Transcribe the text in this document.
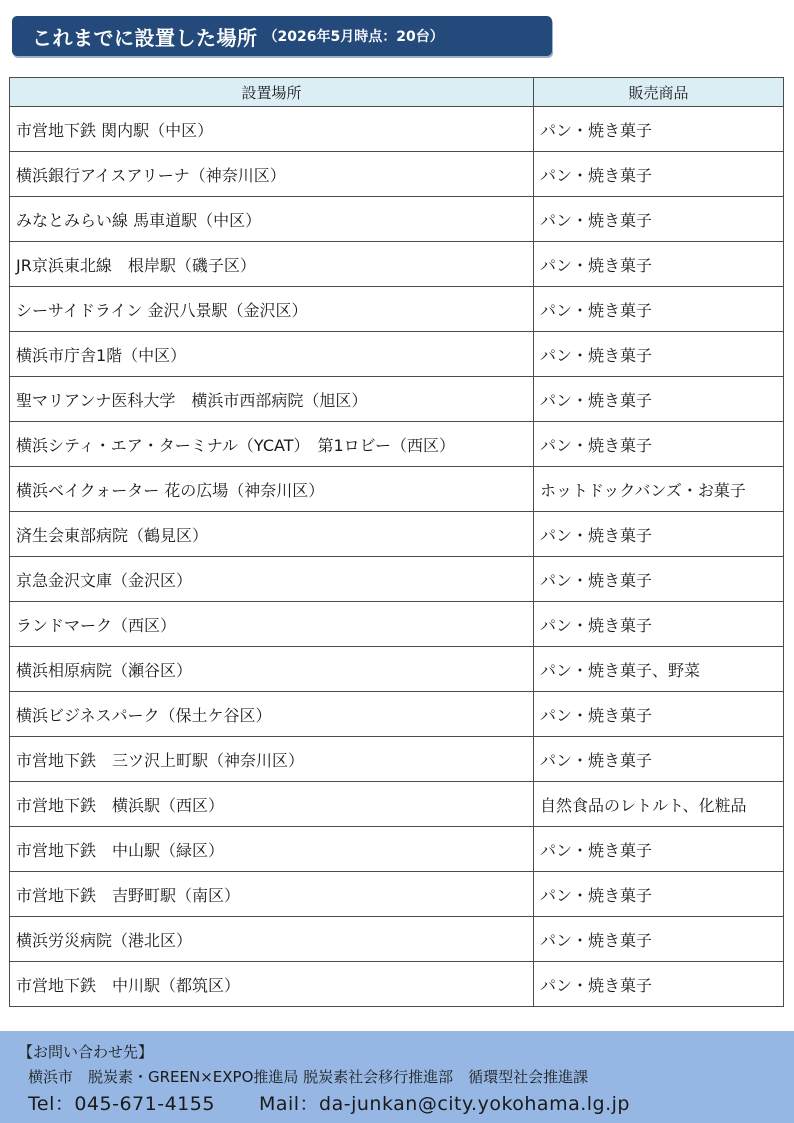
これまでに設置した場所 （2026年5月時点：20台）
設置場所	販売商品
市営地下鉄 関内駅（中区）	パン・焼き菓子
横浜銀行アイスアリーナ（神奈川区）	パン・焼き菓子
みなとみらい線 馬車道駅（中区）	パン・焼き菓子
JR京浜東北線　根岸駅（磯子区）	パン・焼き菓子
シーサイドライン 金沢八景駅（金沢区）	パン・焼き菓子
横浜市庁舎1階（中区）	パン・焼き菓子
聖マリアンナ医科大学　横浜市西部病院（旭区）	パン・焼き菓子
横浜シティ・エア・ターミナル（YCAT）　第1ロビー（西区）	パン・焼き菓子
横浜ベイクォーター 花の広場（神奈川区）	ホットドックバンズ・お菓子
済生会東部病院（鶴見区）	パン・焼き菓子
京急金沢文庫（金沢区）	パン・焼き菓子
ランドマーク（西区）	パン・焼き菓子
横浜相原病院（瀬谷区）	パン・焼き菓子、野菜
横浜ビジネスパーク（保土ケ谷区）	パン・焼き菓子
市営地下鉄　三ツ沢上町駅（神奈川区）	パン・焼き菓子
市営地下鉄　横浜駅（西区）	自然食品のレトルト、化粧品
市営地下鉄　中山駅（緑区）	パン・焼き菓子
市営地下鉄　吉野町駅（南区）	パン・焼き菓子
横浜労災病院（港北区）	パン・焼き菓子
市営地下鉄　中川駅（都筑区）	パン・焼き菓子
【お問い合わせ先】
横浜市　脱炭素・GREEN×EXPO推進局 脱炭素社会移行推進部　循環型社会推進課
Tel：045-671-4155 Mail：da-junkan@city.yokohama.lg.jp
